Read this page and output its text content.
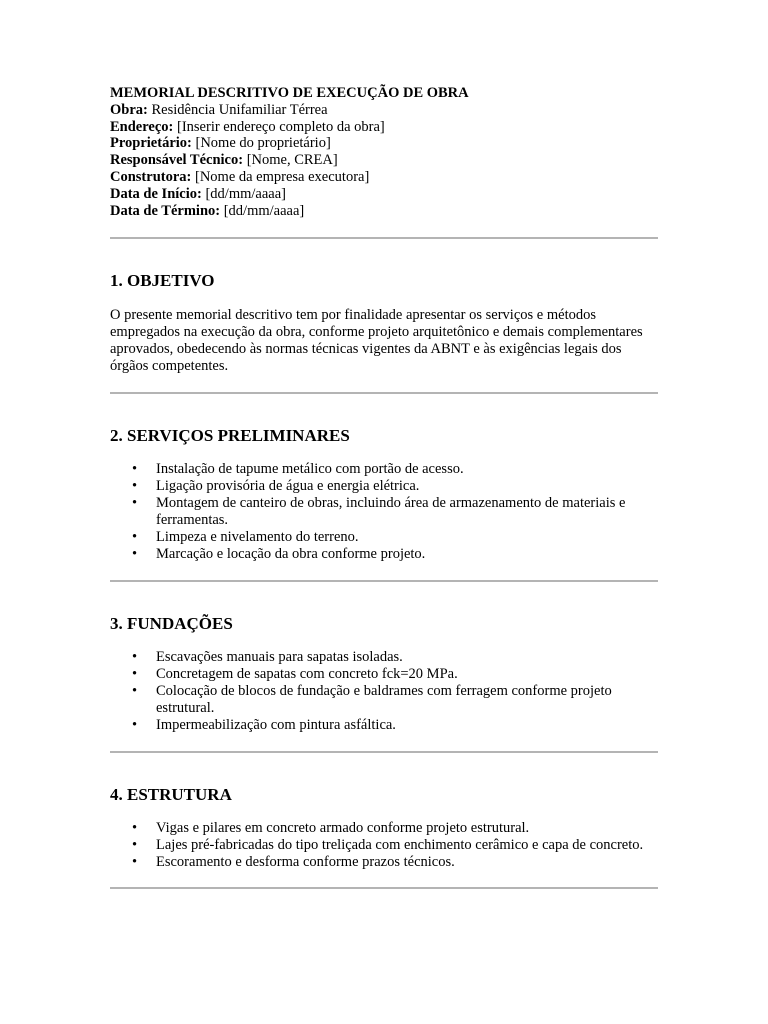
MEMORIAL DESCRITIVO DE EXECUÇÃO DE OBRA
Obra: Residência Unifamiliar Térrea
Endereço: [Inserir endereço completo da obra]
Proprietário: [Nome do proprietário]
Responsável Técnico: [Nome, CREA]
Construtora: [Nome da empresa executora]
Data de Início: [dd/mm/aaaa]
Data de Término: [dd/mm/aaaa]
1. OBJETIVO

O presente memorial descritivo tem por finalidade apresentar os serviços e métodos empregados na execução da obra, conforme projeto arquitetônico e demais complementares aprovados, obedecendo às normas técnicas vigentes da ABNT e às exigências legais dos órgãos competentes.

2. SERVIÇOS PRELIMINARES
• Instalação de tapume metálico com portão de acesso.
• Ligação provisória de água e energia elétrica.
• Montagem de canteiro de obras, incluindo área de armazenamento de materiais e ferramentas.
• Limpeza e nivelamento do terreno.
• Marcação e locação da obra conforme projeto.
3. FUNDAÇÕES
• Escavações manuais para sapatas isoladas.
• Concretagem de sapatas com concreto fck=20 MPa.
• Colocação de blocos de fundação e baldrames com ferragem conforme projeto estrutural.
• Impermeabilização com pintura asfáltica.
4. ESTRUTURA
• Vigas e pilares em concreto armado conforme projeto estrutural.
• Lajes pré-fabricadas do tipo treliçada com enchimento cerâmico e capa de concreto.
• Escoramento e desforma conforme prazos técnicos.
